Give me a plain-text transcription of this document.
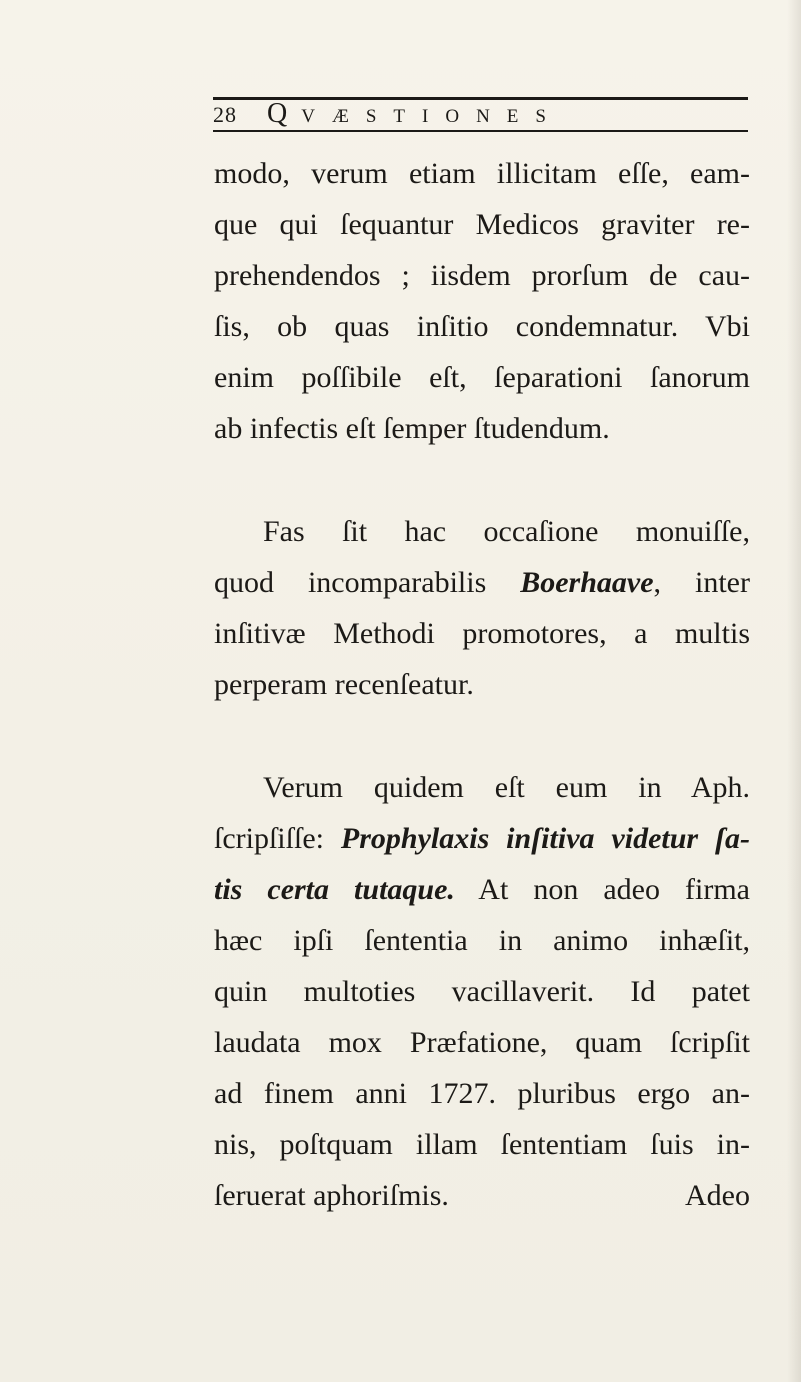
28	Q VÆSTIONES
modo, verum etiam illicitam eſſe, eam-
que qui ſequantur Medicos graviter re-
prehendendos ; iisdem prorſum de cau-
ſis, ob quas inſitio condemnatur. Vbi
enim poſſibile eſt, ſeparationi ſanorum
ab infectis eſt ſemper ſtudendum.
Fas ſit hac occaſione monuiſſe,
quod incomparabilis Boerhaave, inter
inſitivæ Methodi promotores, a multis
perperam recenſeatur.
Verum quidem eſt eum in Aph.
ſcripſiſſe: Prophylaxis inſitiva videtur ſa-
tis certa tutaque. At non adeo firma
hæc ipſi ſententia in animo inhæſit,
quin multoties vacillaverit. Id patet
laudata mox Præfatione, quam ſcripſit
ad finem anni 1727. pluribus ergo an-
nis, poſtquam illam ſententiam ſuis in-
ſeruerat aphoriſmis.	Adeo
